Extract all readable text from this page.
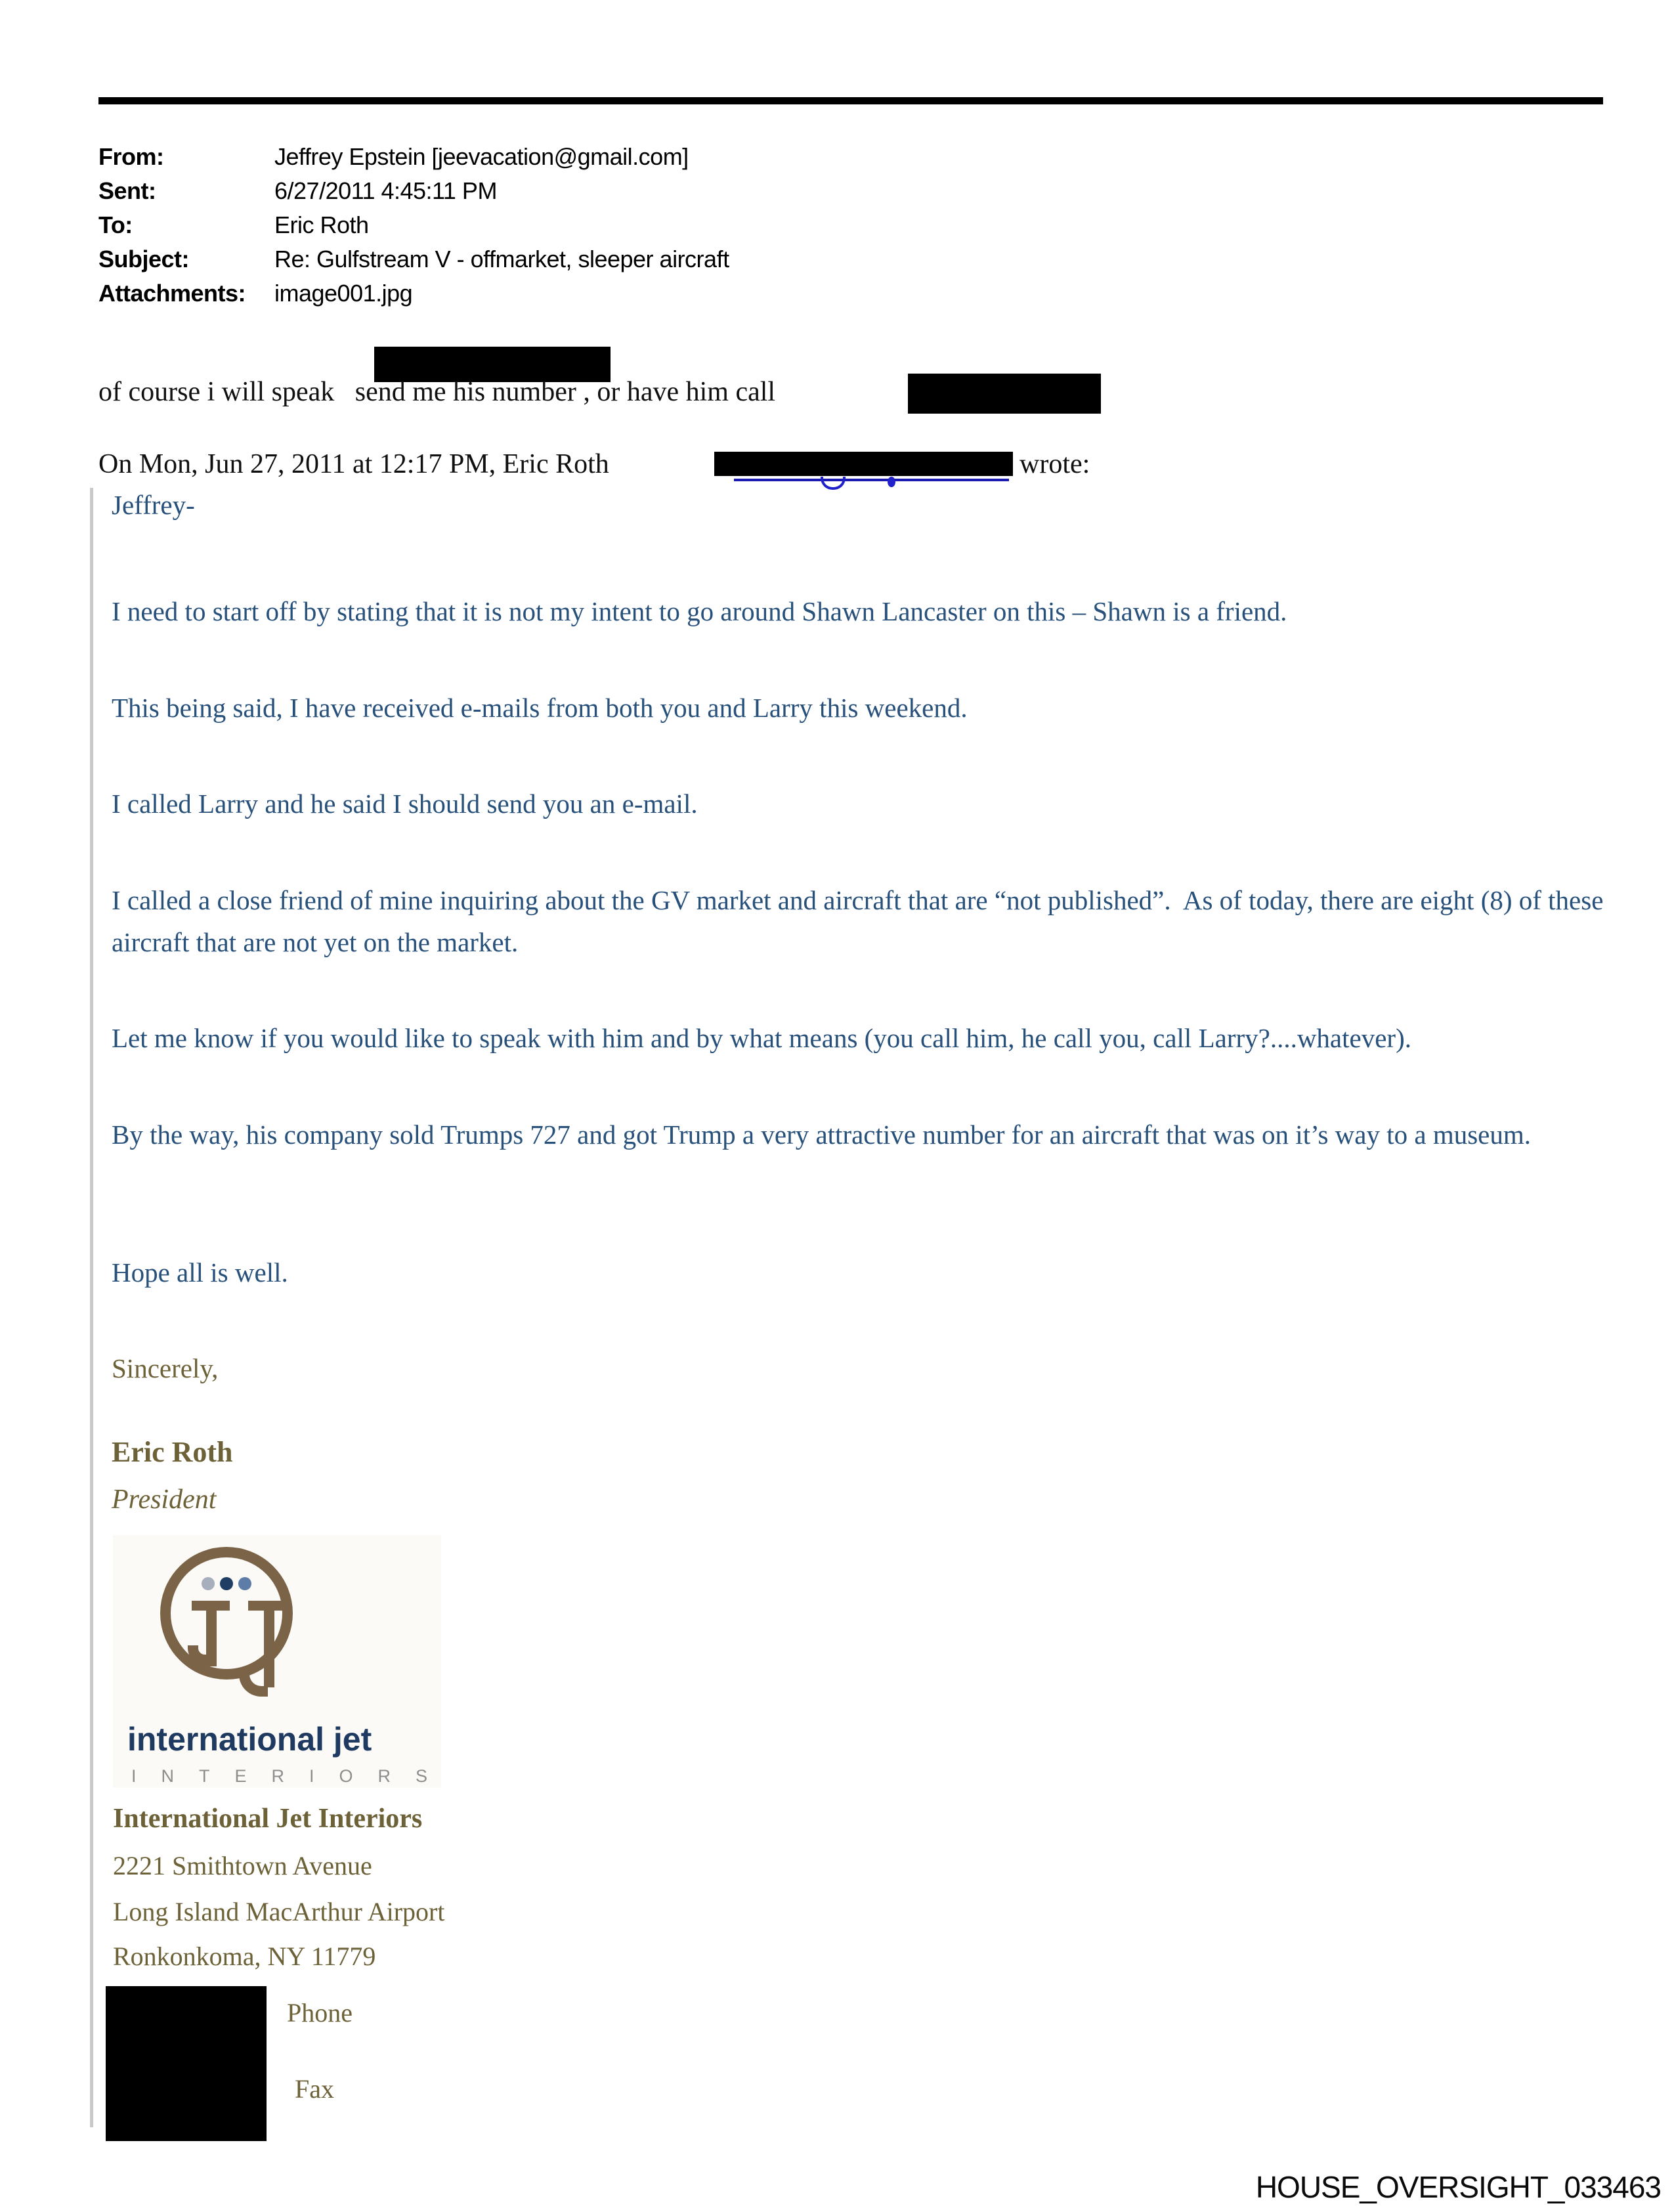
From:	Jeffrey Epstein [jeevacation@gmail.com]
Sent:	6/27/2011 4:45:11 PM
To:	Eric Roth
Subject:	Re: Gulfstream V - offmarket, sleeper aircraft
Attachments: image001.jpg
of course i will speak   send me his number , or have him call
On Mon, Jun 27, 2011 at 12:17 PM, Eric Roth	wrote:
Jeffrey-
I need to start off by stating that it is not my intent to go around Shawn Lancaster on this – Shawn is a friend.
This being said, I have received e-mails from both you and Larry this weekend.
I called Larry and he said I should send you an e-mail.
I called a close friend of mine inquiring about the GV market and aircraft that are “not published”.  As of today, there are eight (8) of these aircraft that are not yet on the market.
Let me know if you would like to speak with him and by what means (you call him, he call you, call Larry?....whatever).
By the way, his company sold Trumps 727 and got Trump a very attractive number for an aircraft that was on it’s way to a museum.
Hope all is well.
Sincerely,
Eric Roth
President
international jet
INTERIORS
International Jet Interiors
2221 Smithtown Avenue
Long Island MacArthur Airport
Ronkonkoma, NY 11779
Phone
Fax
HOUSE_OVERSIGHT_033463
